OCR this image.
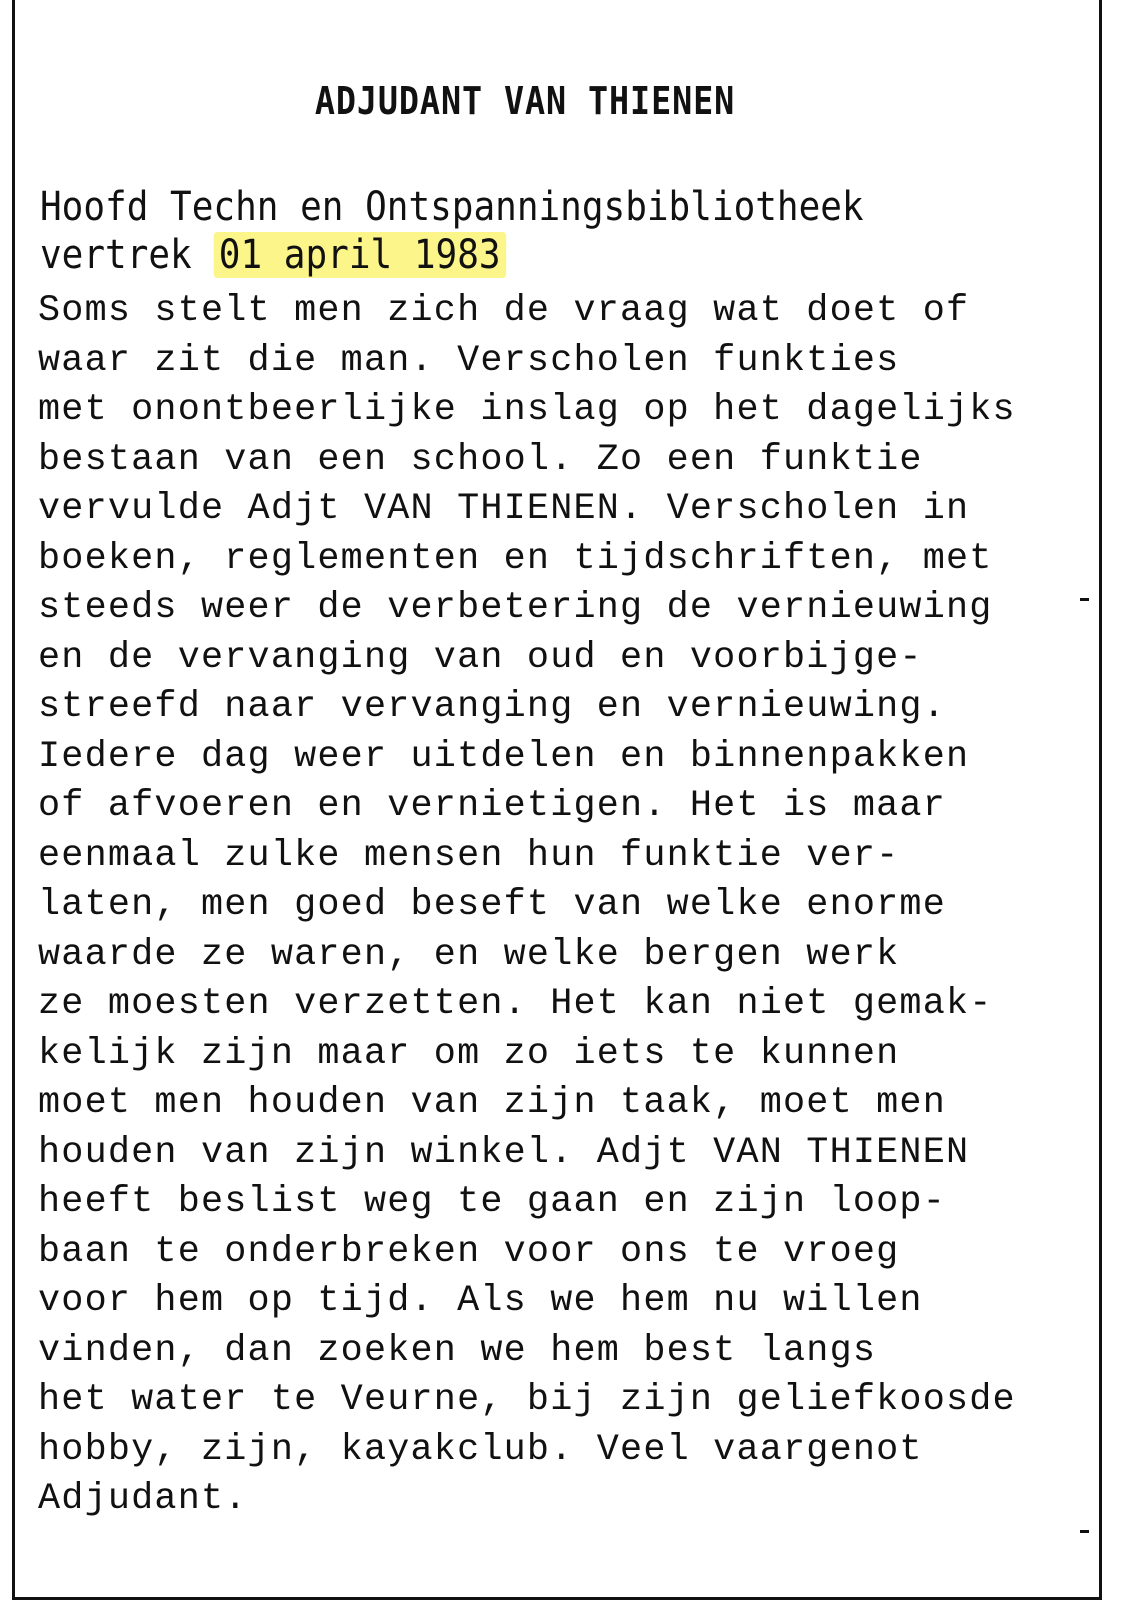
ADJUDANT VAN THIENEN
Hoofd Techn en Ontspanningsbibliotheek
vertrek 01 april 1983
Soms stelt men zich de vraag wat doet of
waar zit die man. Verscholen funkties
met onontbeerlijke inslag op het dagelijks
bestaan van een school. Zo een funktie
vervulde Adjt VAN THIENEN. Verscholen in
boeken, reglementen en tijdschriften, met
steeds weer de verbetering de vernieuwing
en de vervanging van oud en voorbijge-
streefd naar vervanging en vernieuwing.
Iedere dag weer uitdelen en binnenpakken
of afvoeren en vernietigen. Het is maar
eenmaal zulke mensen hun funktie ver-
laten, men goed beseft van welke enorme
waarde ze waren, en welke bergen werk
ze moesten verzetten. Het kan niet gemak-
kelijk zijn maar om zo iets te kunnen
moet men houden van zijn taak, moet men
houden van zijn winkel. Adjt VAN THIENEN
heeft beslist weg te gaan en zijn loop-
baan te onderbreken voor ons te vroeg
voor hem op tijd. Als we hem nu willen
vinden, dan zoeken we hem best langs
het water te Veurne, bij zijn geliefkoosde
hobby, zijn, kayakclub. Veel vaargenot
Adjudant.
